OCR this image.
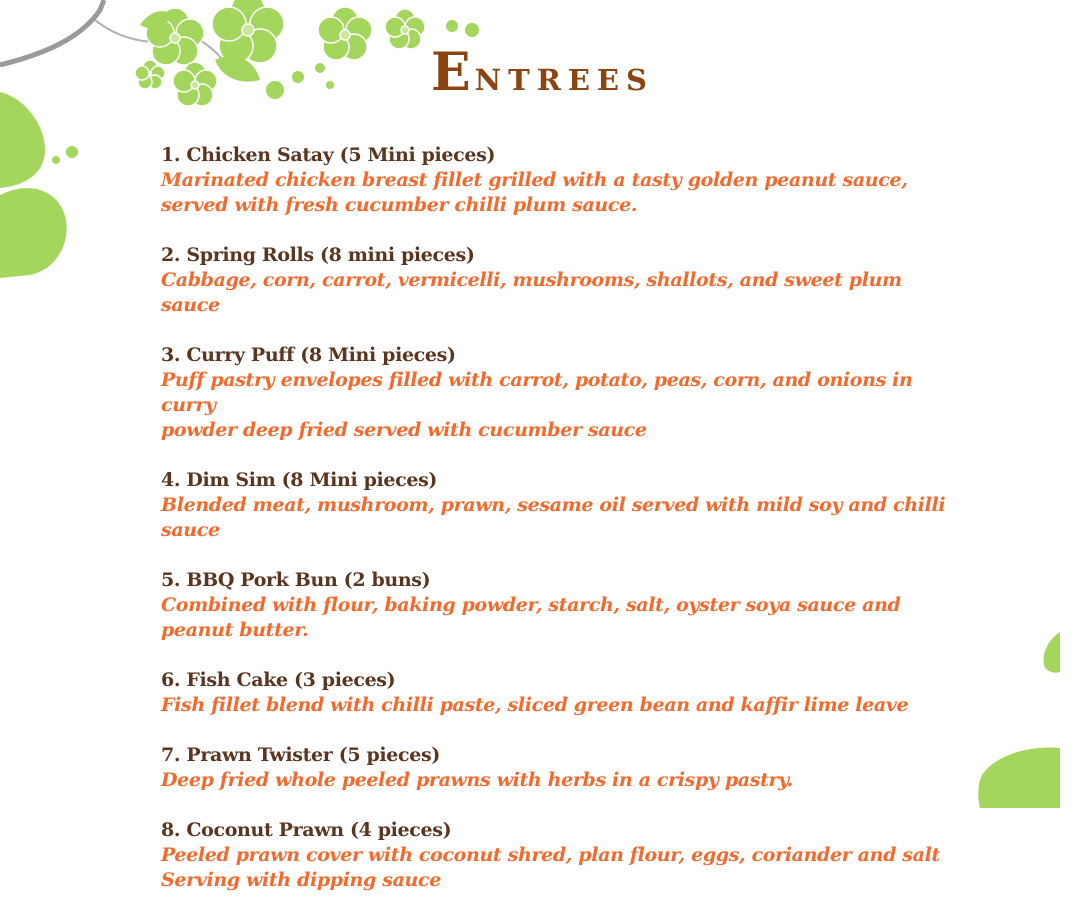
ENTREES
1. Chicken Satay (5 Mini pieces)
Marinated chicken breast fillet grilled with a tasty golden peanut sauce,
served with fresh cucumber chilli plum sauce.
2. Spring Rolls (8 mini pieces)
Cabbage, corn, carrot, vermicelli, mushrooms, shallots, and sweet plum sauce
3. Curry Puff (8 Mini pieces)
Puff pastry envelopes filled with carrot, potato, peas, corn, and onions in curry
powder deep fried served with cucumber sauce
4. Dim Sim (8 Mini pieces)
Blended meat, mushroom, prawn, sesame oil served with mild soy and chilli sauce
5. BBQ Pork Bun (2 buns)
Combined with flour, baking powder, starch, salt, oyster soya sauce and
peanut butter.
6. Fish Cake (3 pieces)
Fish fillet blend with chilli paste, sliced green bean and kaffir lime leave
7. Prawn Twister (5 pieces)
Deep fried whole peeled prawns with herbs in a crispy pastry.
8. Coconut Prawn (4 pieces)
Peeled prawn cover with coconut shred, plan flour, eggs, coriander and salt
Serving with dipping sauce
